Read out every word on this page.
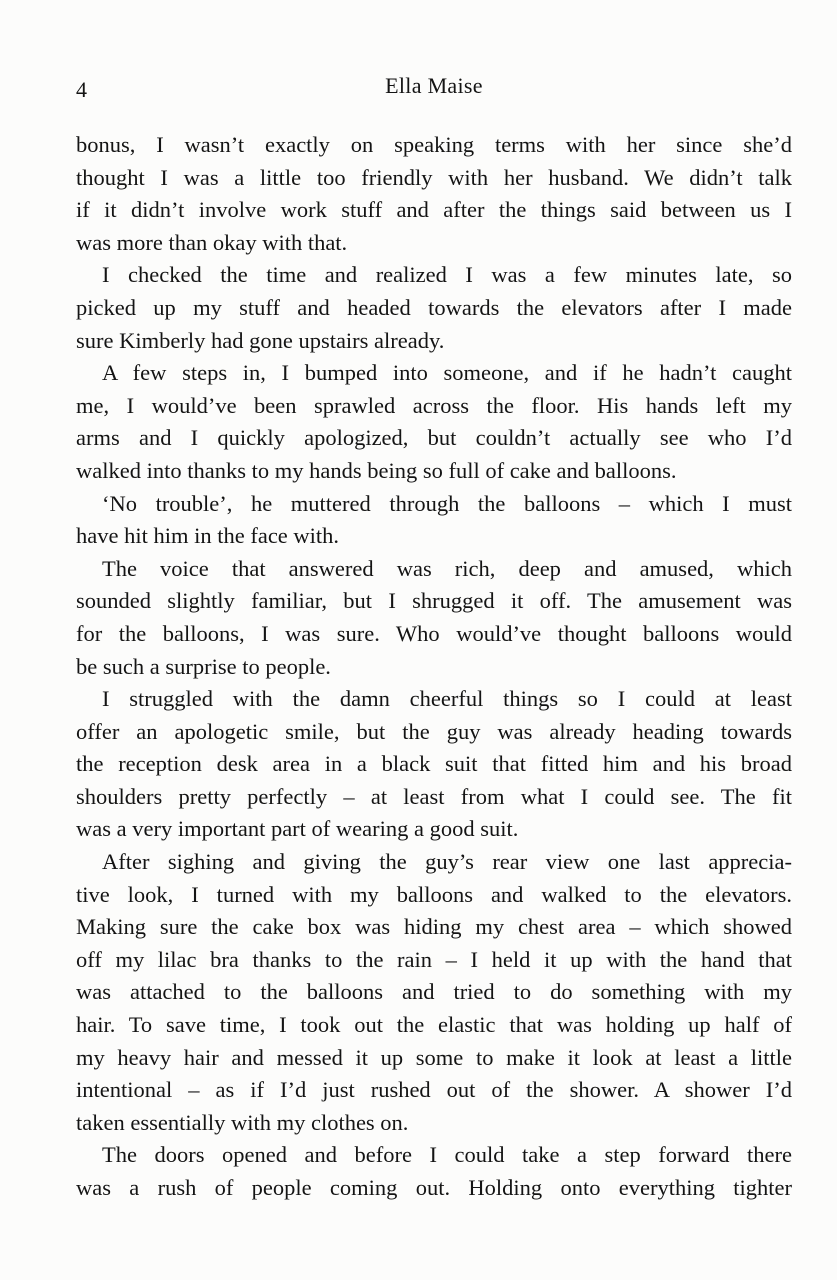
4	Ella Maise
bonus, I wasn’t exactly on speaking terms with her since she’d
thought I was a little too friendly with her husband. We didn’t talk
if it didn’t involve work stuff and after the things said between us I
was more than okay with that.
I checked the time and realized I was a few minutes late, so
picked up my stuff and headed towards the elevators after I made
sure Kimberly had gone upstairs already.
A few steps in, I bumped into someone, and if he hadn’t caught
me, I would’ve been sprawled across the floor. His hands left my
arms and I quickly apologized, but couldn’t actually see who I’d
walked into thanks to my hands being so full of cake and balloons.
‘No trouble’, he muttered through the balloons – which I must
have hit him in the face with.
The voice that answered was rich, deep and amused, which
sounded slightly familiar, but I shrugged it off. The amusement was
for the balloons, I was sure. Who would’ve thought balloons would
be such a surprise to people.
I struggled with the damn cheerful things so I could at least
offer an apologetic smile, but the guy was already heading towards
the reception desk area in a black suit that fitted him and his broad
shoulders pretty perfectly – at least from what I could see. The fit
was a very important part of wearing a good suit.
After sighing and giving the guy’s rear view one last apprecia-
tive look, I turned with my balloons and walked to the elevators.
Making sure the cake box was hiding my chest area – which showed
off my lilac bra thanks to the rain – I held it up with the hand that
was attached to the balloons and tried to do something with my
hair. To save time, I took out the elastic that was holding up half of
my heavy hair and messed it up some to make it look at least a little
intentional – as if I’d just rushed out of the shower. A shower I’d
taken essentially with my clothes on.
The doors opened and before I could take a step forward there
was a rush of people coming out. Holding onto everything tighter
